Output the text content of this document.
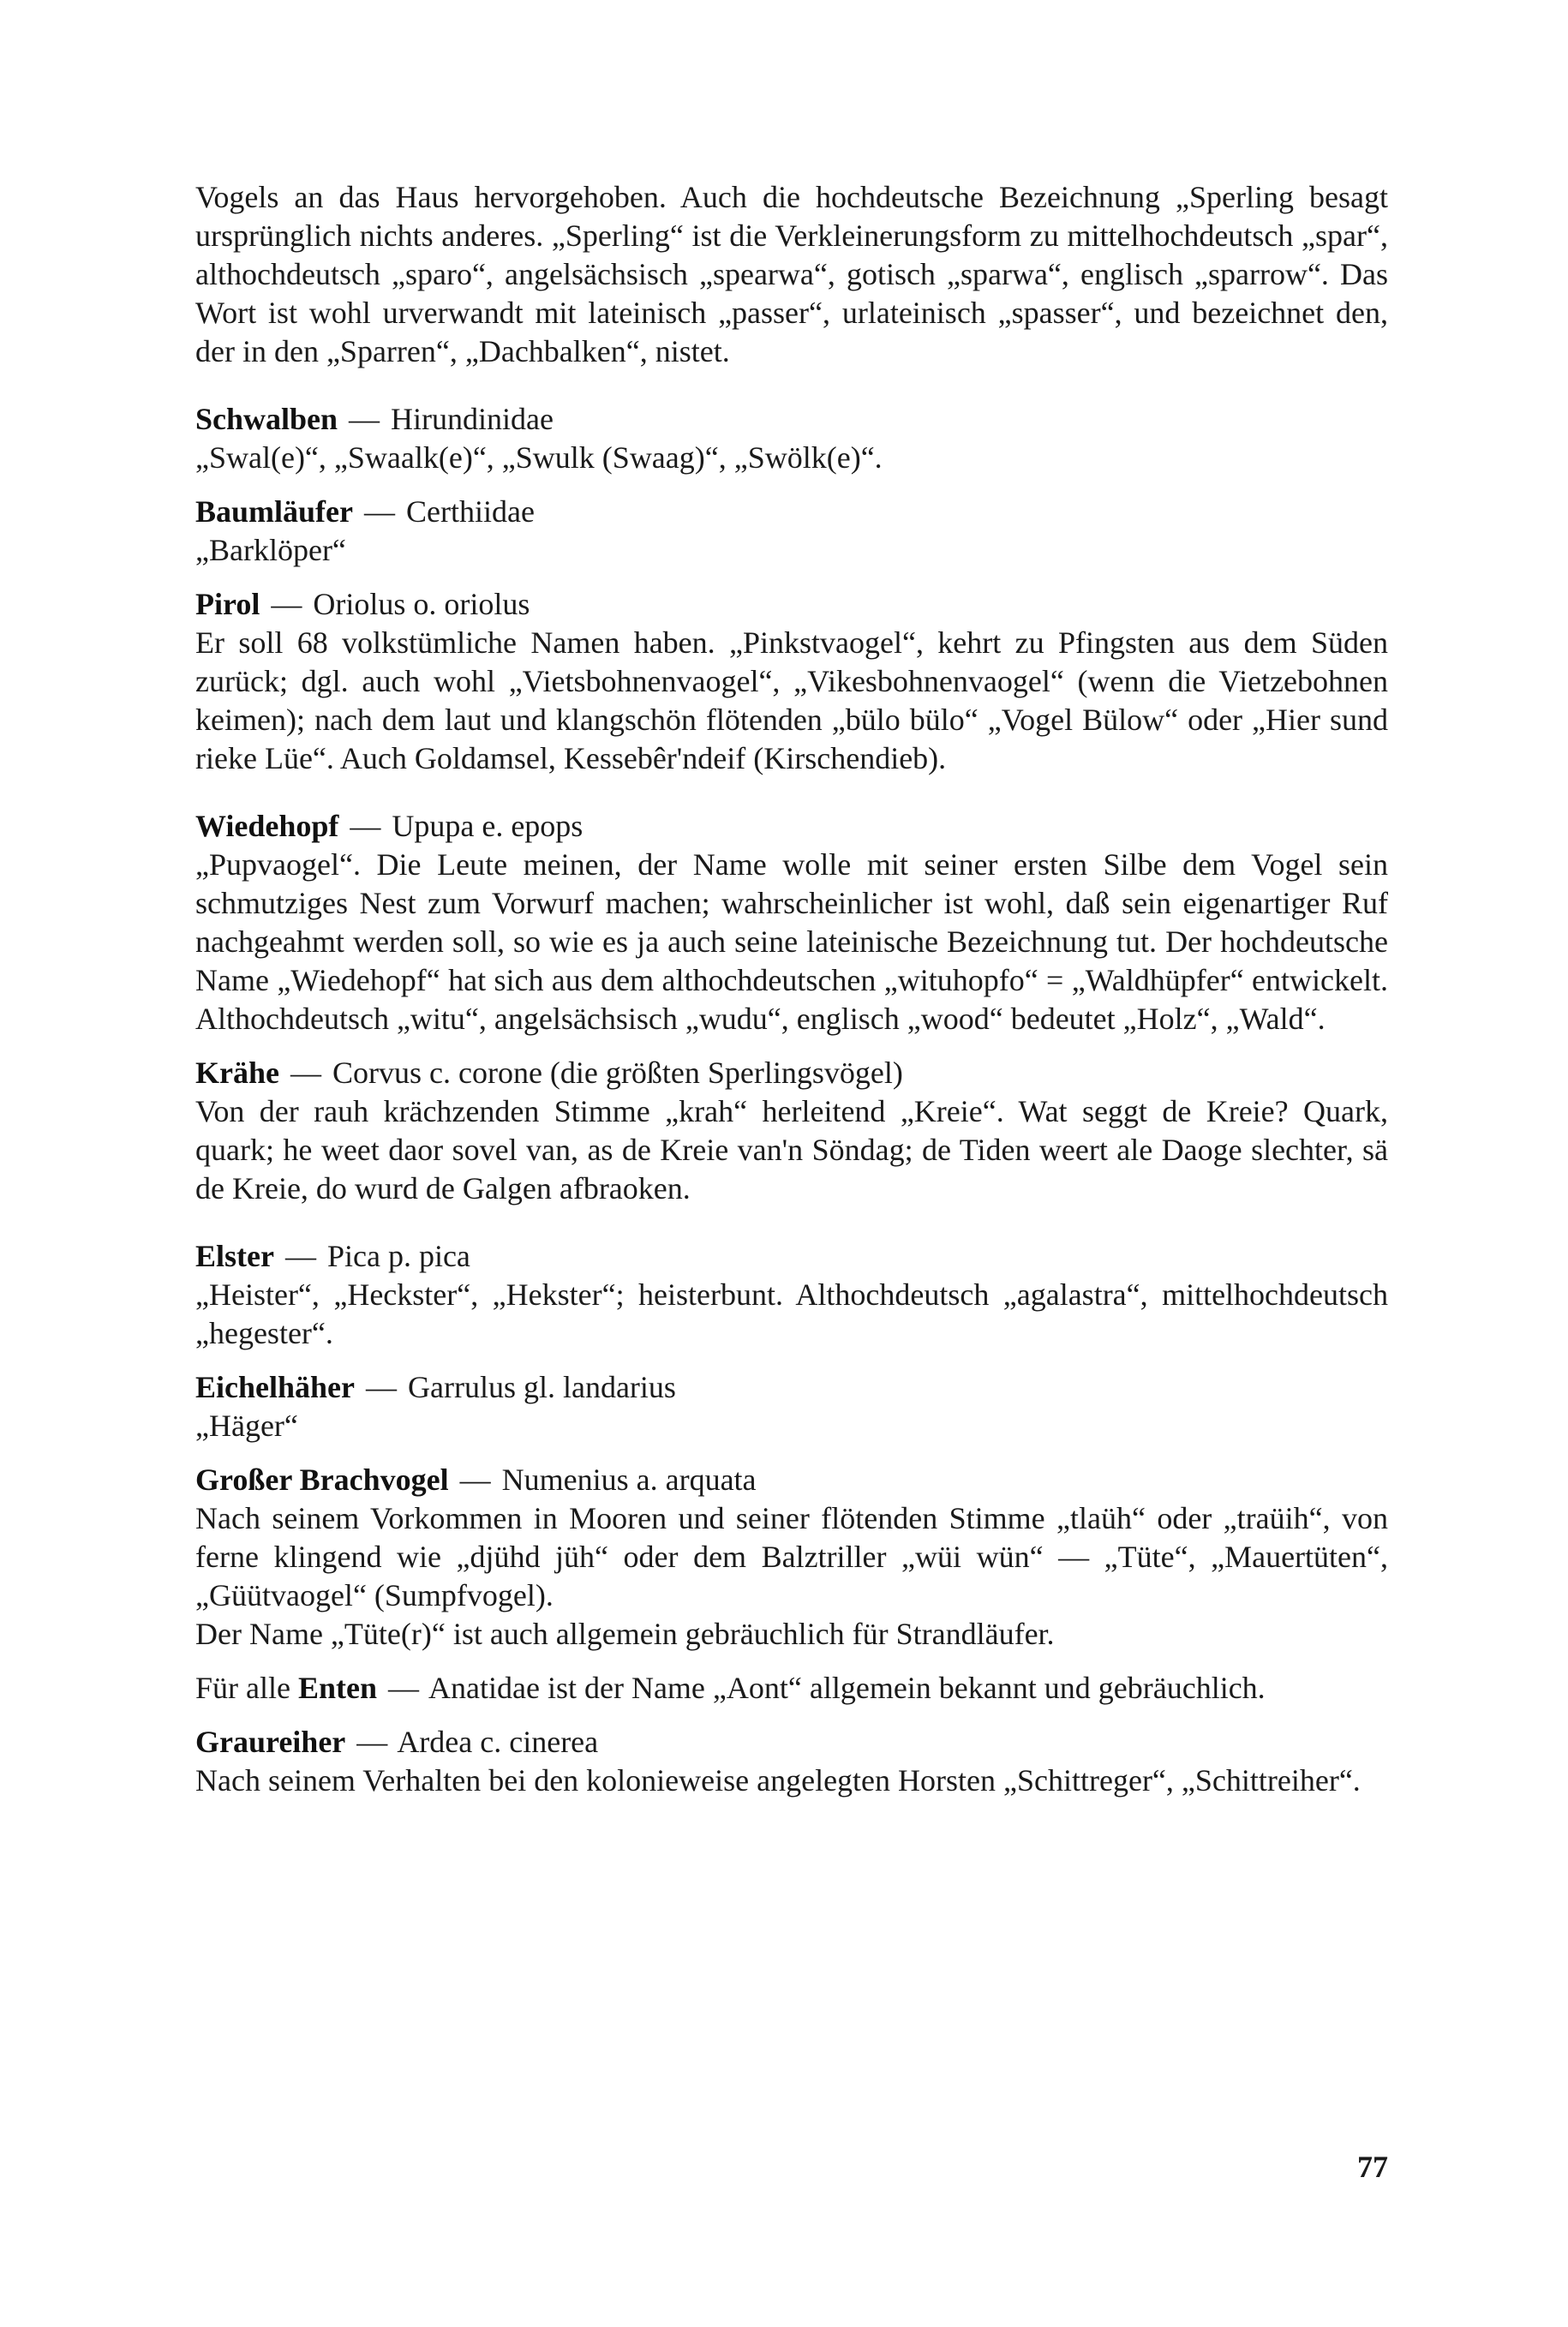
Vogels an das Haus hervorgehoben. Auch die hochdeutsche Bezeichnung „Sperling besagt ursprünglich nichts anderes. „Sperling“ ist die Verkleinerungsform zu mittelhochdeutsch „spar“, althochdeutsch „sparo“, angelsächsisch „spearwa“, gotisch „sparwa“, englisch „sparrow“. Das Wort ist wohl urverwandt mit lateinisch „passer“, urlateinisch „spasser“, und bezeichnet den, der in den „Sparren“, „Dachbalken“, nistet.

Schwalben — Hirundinidae

„Swal(e)“, „Swaalk(e)“, „Swulk (Swaag)“, „Swölk(e)“.

Baumläufer — Certhiidae

„Barklöper“

Pirol — Oriolus o. oriolus

Er soll 68 volkstümliche Namen haben. „Pinkstvaogel“, kehrt zu Pfingsten aus dem Süden zurück; dgl. auch wohl „Vietsbohnenvaogel“, „Vikesbohnenvaogel“ (wenn die Vietzebohnen keimen); nach dem laut und klangschön flötenden „bülo bülo“ „Vogel Bülow“ oder „Hier sund rieke Lüe“. Auch Goldamsel, Kessebêr'ndeif (Kirschendieb).

Wiedehopf — Upupa e. epops

„Pupvaogel“. Die Leute meinen, der Name wolle mit seiner ersten Silbe dem Vogel sein schmutziges Nest zum Vorwurf machen; wahrscheinlicher ist wohl, daß sein eigenartiger Ruf nachgeahmt werden soll, so wie es ja auch seine lateinische Bezeichnung tut. Der hochdeutsche Name „Wiedehopf“ hat sich aus dem althochdeutschen „wituhopfo“ = „Waldhüpfer“ entwickelt. Althochdeutsch „witu“, angelsächsisch „wudu“, englisch „wood“ bedeutet „Holz“, „Wald“.

Krähe — Corvus c. corone (die größten Sperlingsvögel)

Von der rauh krächzenden Stimme „krah“ herleitend „Kreie“. Wat seggt de Kreie? Quark, quark; he weet daor sovel van, as de Kreie van'n Söndag; de Tiden weert ale Daoge slechter, sä de Kreie, do wurd de Galgen afbraoken.

Elster — Pica p. pica

„Heister“, „Heckster“, „Hekster“; heisterbunt. Althochdeutsch „agalastra“, mittelhochdeutsch „hegester“.

Eichelhäher — Garrulus gl. landarius

„Häger“

Großer Brachvogel — Numenius a. arquata

Nach seinem Vorkommen in Mooren und seiner flötenden Stimme „tlaüh“ oder „traüih“, von ferne klingend wie „djühd jüh“ oder dem Balztriller „wüi wün“ — „Tüte“, „Mauertüten“, „Güütvaogel“ (Sumpfvogel).

Der Name „Tüte(r)“ ist auch allgemein gebräuchlich für Strandläufer.

Für alle Enten — Anatidae ist der Name „Aont“ allgemein bekannt und gebräuchlich.

Graureiher — Ardea c. cinerea

Nach seinem Verhalten bei den kolonieweise angelegten Horsten „Schittreger“, „Schittreiher“.

77
